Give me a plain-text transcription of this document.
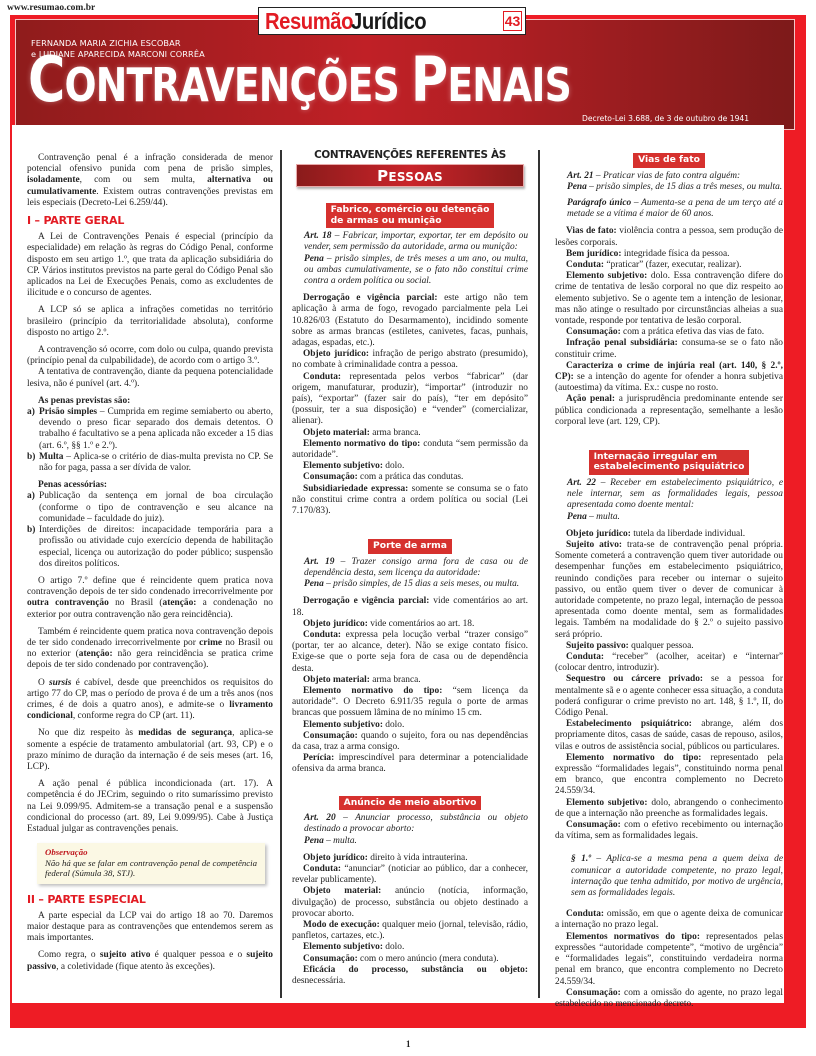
www.resumao.com.br	Resumão
Jurídico	43
FERNANDA MARIA ZICHIA ESCOBAR
e LUDJANE APARECIDA MARCONI CORRÊA
CONTRAVENÇÕES PENAIS
Decreto-Lei 3.688, de 3 de outubro de 1941

Contravenção penal é a infração considerada de menor potencial ofensivo punida com pena de prisão simples, isoladamente, com ou sem multa, alternativa ou cumulativamente. Existem outras contravenções previstas em leis especiais (Decreto-Lei 6.259/44).

I – PARTE GERAL

A Lei de Contravenções Penais é especial (princípio da especialidade) em relação às regras do Código Penal, conforme disposto em seu artigo 1.º, que trata da aplicação subsidiária do CP. Vários institutos previstos na parte geral do Código Penal são aplicados na Lei de Execuções Penais, como as excludentes de ilicitude e o concurso de agentes.

A LCP só se aplica a infrações cometidas no território brasileiro (princípio da territorialidade absoluta), conforme disposto no artigo 2.º.

A contravenção só ocorre, com dolo ou culpa, quando prevista (princípio penal da culpabilidade), de acordo com o artigo 3.º.

A tentativa de contravenção, diante da pequena potencialidade lesiva, não é punível (art. 4.º).

As penas previstas são:
a) Prisão simples – Cumprida em regime semiaberto ou aberto, devendo o preso ficar separado dos demais detentos. O trabalho é facultativo se a pena aplicada não exceder a 15 dias (art. 6.º, §§ 1.º e 2.º).
b) Multa – Aplica-se o critério de dias-multa prevista no CP. Se não for paga, passa a ser dívida de valor.
Penas acessórias:
a) Publicação da sentença em jornal de boa circulação (conforme o tipo de contravenção e seu alcance na comunidade – faculdade do juiz).
b) Interdições de direitos: incapacidade temporária para a profissão ou atividade cujo exercício dependa de habilitação especial, licença ou autorização do poder público; suspensão dos direitos políticos.

O artigo 7.º define que é reincidente quem pratica nova contravenção depois de ter sido condenado irrecorrivelmente por outra contravenção no Brasil (atenção: a condenação no exterior por outra contravenção não gera reincidência).

Também é reincidente quem pratica nova contravenção depois de ter sido condenado irrecorrivelmente por crime no Brasil ou no exterior (atenção: não gera reincidência se pratica crime depois de ter sido condenado por contravenção).

O sursis é cabível, desde que preenchidos os requisitos do artigo 77 do CP, mas o período de prova é de um a três anos (nos crimes, é de dois a quatro anos), e admite-se o livramento condicional, conforme regra do CP (art. 11).

No que diz respeito às medidas de segurança, aplica-se somente a espécie de tratamento ambulatorial (art. 93, CP) e o prazo mínimo de duração da internação é de seis meses (art. 16, LCP).

A ação penal é pública incondicionada (art. 17). A competência é do JECrim, seguindo o rito sumaríssimo previsto na Lei 9.099/95. Admitem-se a transação penal e a suspensão condicional do processo (art. 89, Lei 9.099/95). Cabe à Justiça Estadual julgar as contravenções penais.

Observação
Não há que se falar em contravenção penal de competência federal (Súmula 38, STJ).
II – PARTE ESPECIAL

A parte especial da LCP vai do artigo 18 ao 70. Daremos maior destaque para as contravenções que entendemos serem as mais importantes.

Como regra, o sujeito ativo é qualquer pessoa e o sujeito passivo, a coletividade (fique atento às exceções).

CONTRAVENÇÕES REFERENTES ÀS
PESSOAS
Fabrico, comércio ou detenção
de armas ou munição
Art. 18 – Fabricar, importar, exportar, ter em depósito ou vender, sem permissão da autoridade, arma ou munição:
Pena – prisão simples, de três meses a um ano, ou multa, ou ambas cumulativamente, se o fato não constitui crime contra a ordem política ou social.
Derrogação e vigência parcial: este artigo não tem aplicação à arma de fogo, revogado parcialmente pela Lei 10.826/03 (Estatuto do Desarmamento), incidindo somente sobre as armas brancas (estiletes, canivetes, facas, punhais, adagas, espadas, etc.).
Objeto jurídico: infração de perigo abstrato (presumido), no combate à criminalidade contra a pessoa.
Conduta: representada pelos verbos “fabricar” (dar origem, manufaturar, produzir), “importar” (introduzir no país), “exportar” (fazer sair do país), “ter em depósito” (possuir, ter a sua disposição) e “vender” (comercializar, alienar).
Objeto material: arma branca.
Elemento normativo do tipo: conduta “sem permissão da autoridade”.
Elemento subjetivo: dolo.
Consumação: com a prática das condutas.
Subsidiariedade expressa: somente se consuma se o fato não constitui crime contra a ordem política ou social (Lei 7.170/83).
Porte de arma
Art. 19 – Trazer consigo arma fora de casa ou de dependência desta, sem licença da autoridade:
Pena – prisão simples, de 15 dias a seis meses, ou multa.
Derrogação e vigência parcial: vide comentários ao art. 18.
Objeto jurídico: vide comentários ao art. 18.
Conduta: expressa pela locução verbal “trazer consigo” (portar, ter ao alcance, deter). Não se exige contato físico. Exige-se que o porte seja fora de casa ou de dependência desta.
Objeto material: arma branca.
Elemento normativo do tipo: “sem licença da autoridade”. O Decreto 6.911/35 regula o porte de armas brancas que possuem lâmina de no mínimo 15 cm.
Elemento subjetivo: dolo.
Consumação: quando o sujeito, fora ou nas dependências da casa, traz a arma consigo.
Perícia: imprescindível para determinar a potencialidade ofensiva da arma branca.
Anúncio de meio abortivo
Art. 20 – Anunciar processo, substância ou objeto destinado a provocar aborto:
Pena – multa.
Objeto jurídico: direito à vida intrauterina.
Conduta: “anunciar” (noticiar ao público, dar a conhecer, revelar publicamente).
Objeto material: anúncio (notícia, informação, divulgação) de processo, substância ou objeto destinado a provocar aborto.
Modo de execução: qualquer meio (jornal, televisão, rádio, panfletos, cartazes, etc.).
Elemento subjetivo: dolo.
Consumação: com o mero anúncio (mera conduta).
Eficácia do processo, substância ou objeto: desnecessária.
Vias de fato
Art. 21 – Praticar vias de fato contra alguém:
Pena – prisão simples, de 15 dias a três meses, ou multa.
Parágrafo único – Aumenta-se a pena de um terço até a metade se a vítima é maior de 60 anos.
Vias de fato: violência contra a pessoa, sem produção de lesões corporais.
Bem jurídico: integridade física da pessoa.
Conduta: “praticar” (fazer, executar, realizar).
Elemento subjetivo: dolo. Essa contravenção difere do crime de tentativa de lesão corporal no que diz respeito ao elemento subjetivo. Se o agente tem a intenção de lesionar, mas não atinge o resultado por circunstâncias alheias a sua vontade, responde por tentativa de lesão corporal.
Consumação: com a prática efetiva das vias de fato.
Infração penal subsidiária: consuma-se se o fato não constituir crime.
Caracteriza o crime de injúria real (art. 140, § 2.º, CP): se a intenção do agente for ofender a honra subjetiva (autoestima) da vítima. Ex.: cuspe no rosto.
Ação penal: a jurisprudência predominante entende ser pública condicionada a representação, semelhante a lesão corporal leve (art. 129, CP).
Internação irregular em
estabelecimento psiquiátrico
Art. 22 – Receber em estabelecimento psiquiátrico, e nele internar, sem as formalidades legais, pessoa apresentada como doente mental:
Pena – multa.
Objeto jurídico: tutela da liberdade individual.
Sujeito ativo: trata-se de contravenção penal própria. Somente cometerá a contravenção quem tiver autoridade ou desempenhar funções em estabelecimento psiquiátrico, reunindo condições para receber ou internar o sujeito passivo, ou então quem tiver o dever de comunicar à autoridade competente, no prazo legal, internação de pessoa apresentada como doente mental, sem as formalidades legais. Também na modalidade do § 2.º o sujeito passivo será próprio.
Sujeito passivo: qualquer pessoa.
Conduta: “receber” (acolher, aceitar) e “internar” (colocar dentro, introduzir).
Sequestro ou cárcere privado: se a pessoa for mentalmente sã e o agente conhecer essa situação, a conduta poderá configurar o crime previsto no art. 148, § 1.º, II, do Código Penal.
Estabelecimento psiquiátrico: abrange, além dos propriamente ditos, casas de saúde, casas de repouso, asilos, vilas e outros de assistência social, públicos ou particulares.
Elemento normativo do tipo: representado pela expressão “formalidades legais”, constituindo norma penal em branco, que encontra complemento no Decreto 24.559/34.
Elemento subjetivo: dolo, abrangendo o conhecimento de que a internação não preenche as formalidades legais.
Consumação: com o efetivo recebimento ou internação da vítima, sem as formalidades legais.
§ 1.º – Aplica-se a mesma pena a quem deixa de comunicar a autoridade competente, no prazo legal, internação que tenha admitido, por motivo de urgência, sem as formalidades legais.
Conduta: omissão, em que o agente deixa de comunicar a internação no prazo legal.
Elementos normativos do tipo: representados pelas expressões “autoridade competente”, “motivo de urgência” e “formalidades legais”, constituindo verdadeira norma penal em branco, que encontra complemento no Decreto 24.559/34.
Consumação: com a omissão do agente, no prazo legal estabelecido no mencionado decreto.
1
